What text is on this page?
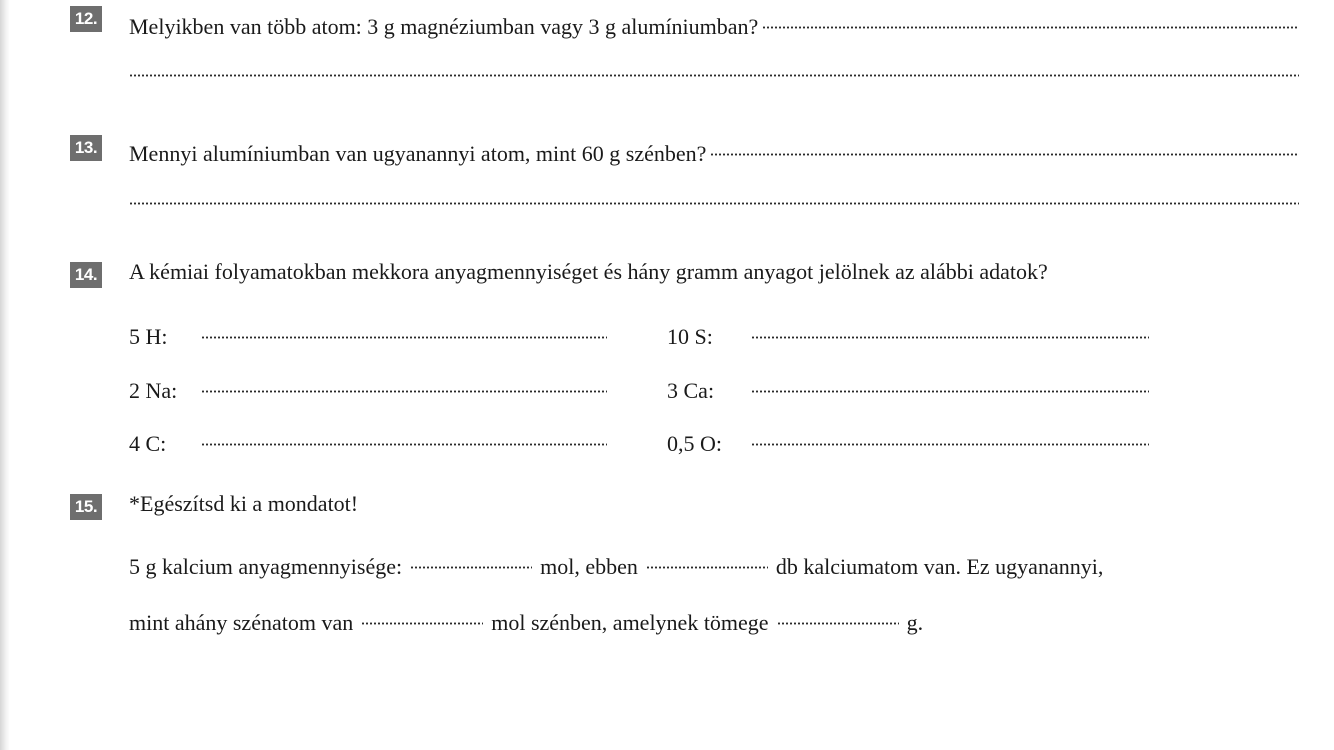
12. Melyikben van több atom: 3 g magnéziumban vagy 3 g alumíniumban?
13. Mennyi alumíniumban van ugyanannyi atom, mint 60 g szénben?
14. A kémiai folyamatokban mekkora anyagmennyiséget és hány gramm anyagot jelölnek az alábbi adatok?
5 H:	10 S:
2 Na:	3 Ca:
4 C:	0,5 O:
15. *Egészítsd ki a mondatot!
5 g kalcium anyagmennyisége:	mol, ebben	db kalciumatom van. Ez ugyanannyi,
mint ahány szénatom van	mol szénben, amelynek tömege	g.
